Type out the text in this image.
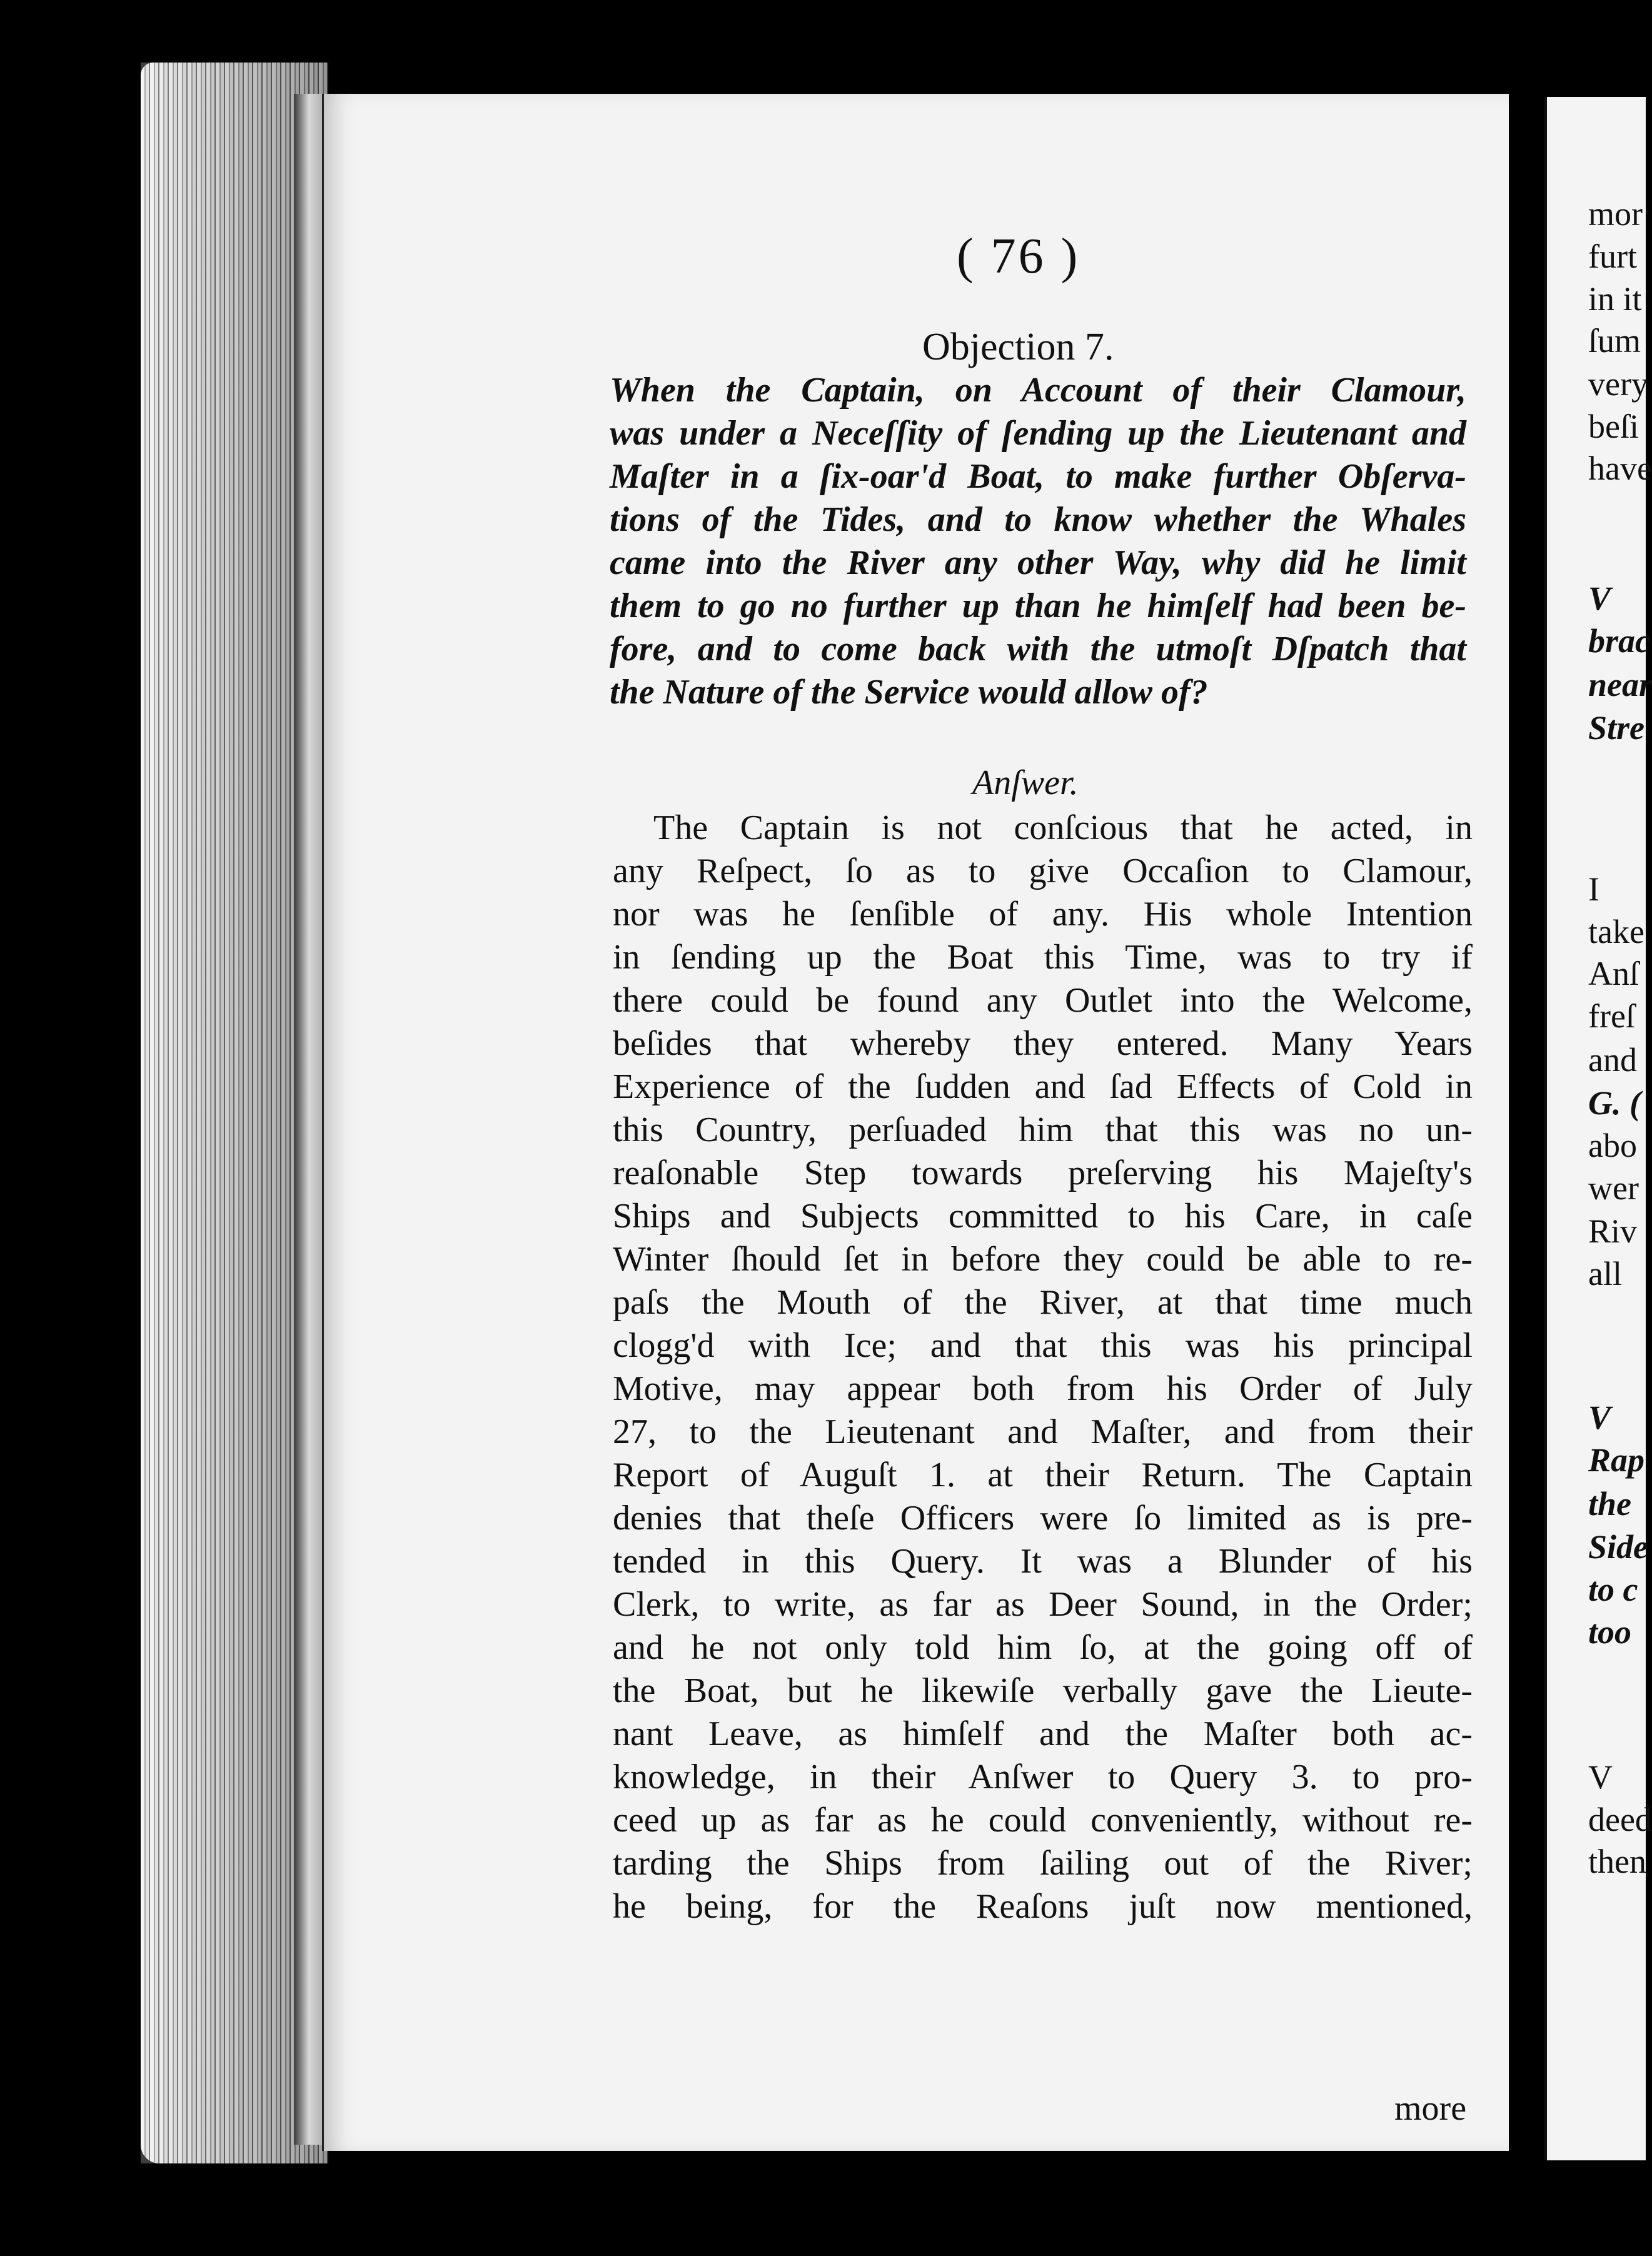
( 76 )
Objection 7.
When the Captain, on Account of their Clamour,
was under a Neceſſity of ſending up the Lieutenant and
Maſter in a ſix-oar'd Boat, to make further Obſerva-
tions of the Tides, and to know whether the Whales
came into the River any other Way, why did he limit
them to go no further up than he himſelf had been be-
fore, and to come back with the utmoſt Dſpatch that
the Nature of the Service would allow of?
Anſwer.
The Captain is not conſcious that he acted, in
any Reſpect, ſo as to give Occaſion to Clamour,
nor was he ſenſible of any. His whole Intention
in ſending up the Boat this Time, was to try if
there could be found any Outlet into the Welcome,
beſides that whereby they entered. Many Years
Experience of the ſudden and ſad Effects of Cold in
this Country, perſuaded him that this was no un-
reaſonable Step towards preſerving his Majeſty's
Ships and Subjects committed to his Care, in caſe
Winter ſhould ſet in before they could be able to re-
paſs the Mouth of the River, at that time much
clogg'd with Ice; and that this was his principal
Motive, may appear both from his Order of July
27, to the Lieutenant and Maſter, and from their
Report of Auguſt 1. at their Return. The Captain
denies that theſe Officers were ſo limited as is pre-
tended in this Query. It was a Blunder of his
Clerk, to write, as far as Deer Sound, in the Order;
and he not only told him ſo, at the going off of
the Boat, but he likewiſe verbally gave the Lieute-
nant Leave, as himſelf and the Maſter both ac-
knowledge, in their Anſwer to Query 3. to pro-
ceed up as far as he could conveniently, without re-
tarding the Ships from ſailing out of the River;
he being, for the Reaſons juſt now mentioned,
more
mor
furt
in it
ſum
very
beſi
have
V
brac
near
Stre
I
take
Anſ
freſ
and
G. (
abo
wer
Riv
all
V
Rap
the
Side
to c
too
V
deed
then
